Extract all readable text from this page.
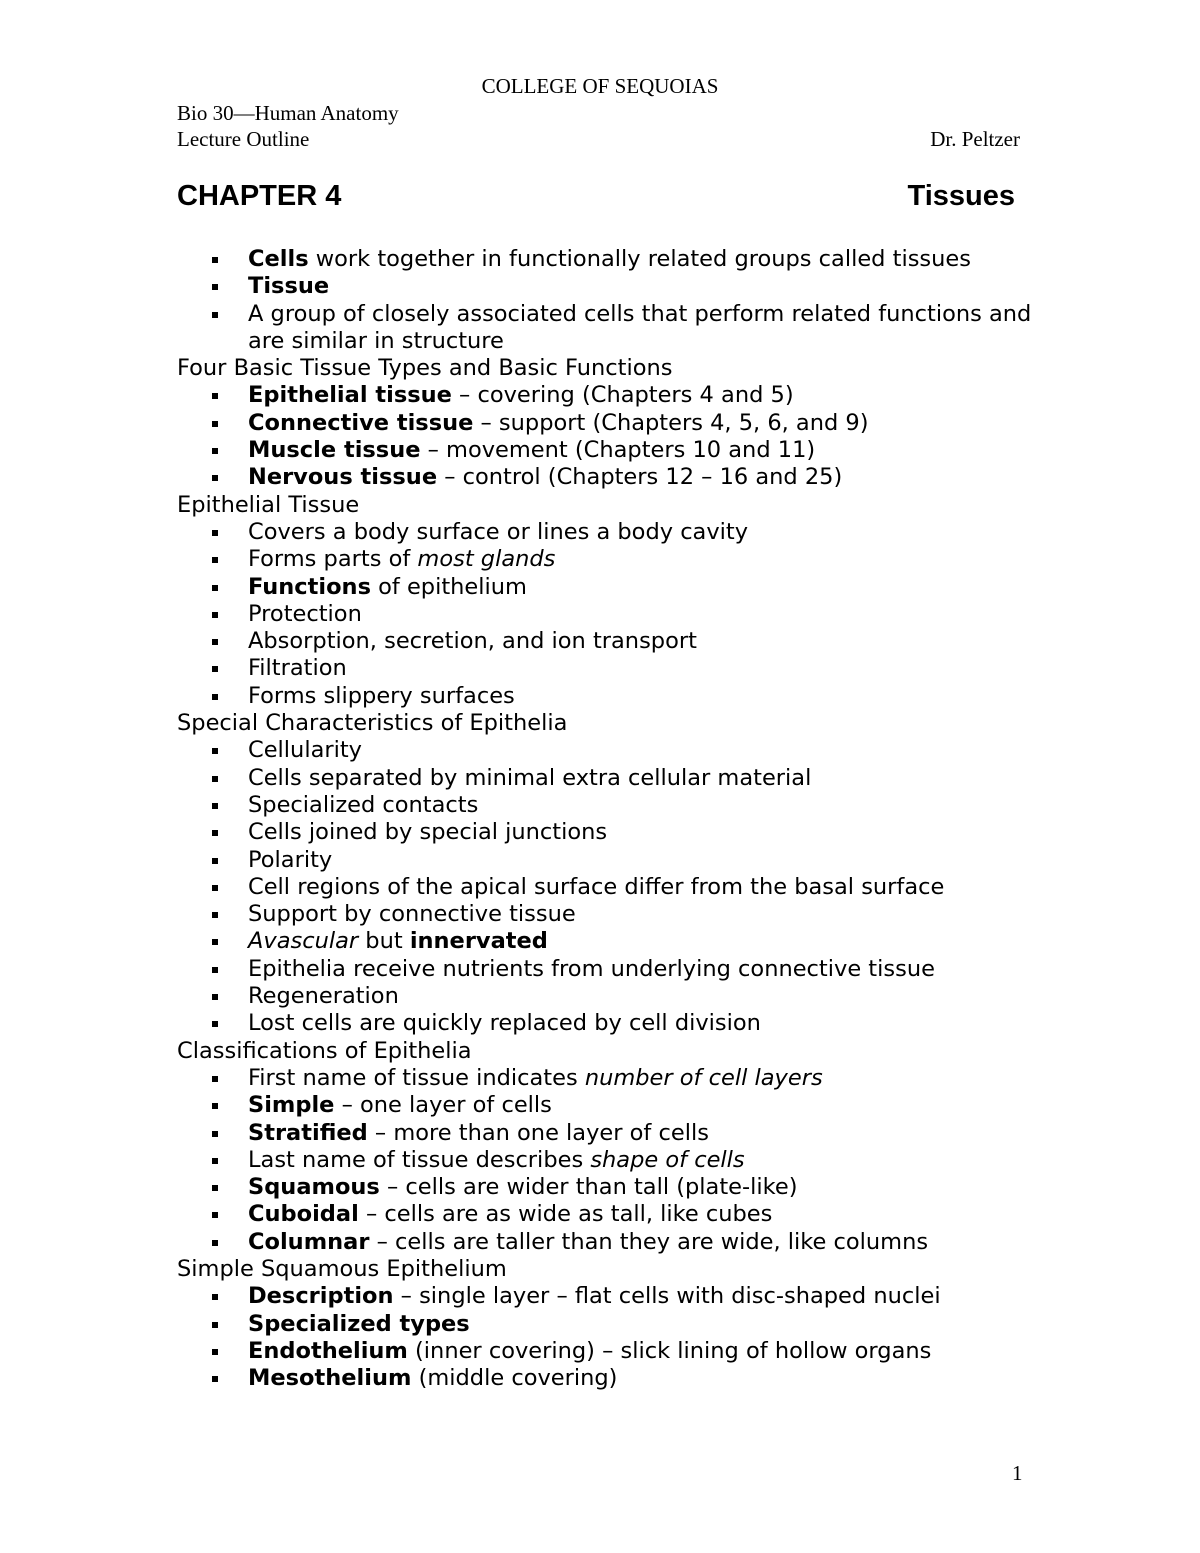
COLLEGE OF SEQUOIAS
Bio 30—Human Anatomy
Lecture Outline	Dr. Peltzer
CHAPTER 4	Tissues
Cells work together in functionally related groups called tissues
Tissue
A group of closely associated cells that perform related functions and are similar in structure
Four Basic Tissue Types and Basic Functions
Epithelial tissue – covering (Chapters 4 and 5)
Connective tissue – support (Chapters 4, 5, 6, and 9)
Muscle tissue – movement (Chapters 10 and 11)
Nervous tissue – control (Chapters 12 – 16 and 25)
Epithelial Tissue
Covers a body surface or lines a body cavity
Forms parts of most glands
Functions of epithelium
Protection
Absorption, secretion, and ion transport
Filtration
Forms slippery surfaces
Special Characteristics of Epithelia
Cellularity
Cells separated by minimal extra cellular material
Specialized contacts
Cells joined by special junctions
Polarity
Cell regions of the apical surface differ from the basal surface
Support by connective tissue
Avascular but innervated
Epithelia receive nutrients from underlying connective tissue
Regeneration
Lost cells are quickly replaced by cell division
Classifications of Epithelia
First name of tissue indicates number of cell layers
Simple – one layer of cells
Stratified – more than one layer of cells
Last name of tissue describes shape of cells
Squamous – cells are wider than tall (plate-like)
Cuboidal – cells are as wide as tall, like cubes
Columnar – cells are taller than they are wide, like columns
Simple Squamous Epithelium
Description – single layer – flat cells with disc-shaped nuclei
Specialized types
Endothelium (inner covering) – slick lining of hollow organs
Mesothelium (middle covering)
1
